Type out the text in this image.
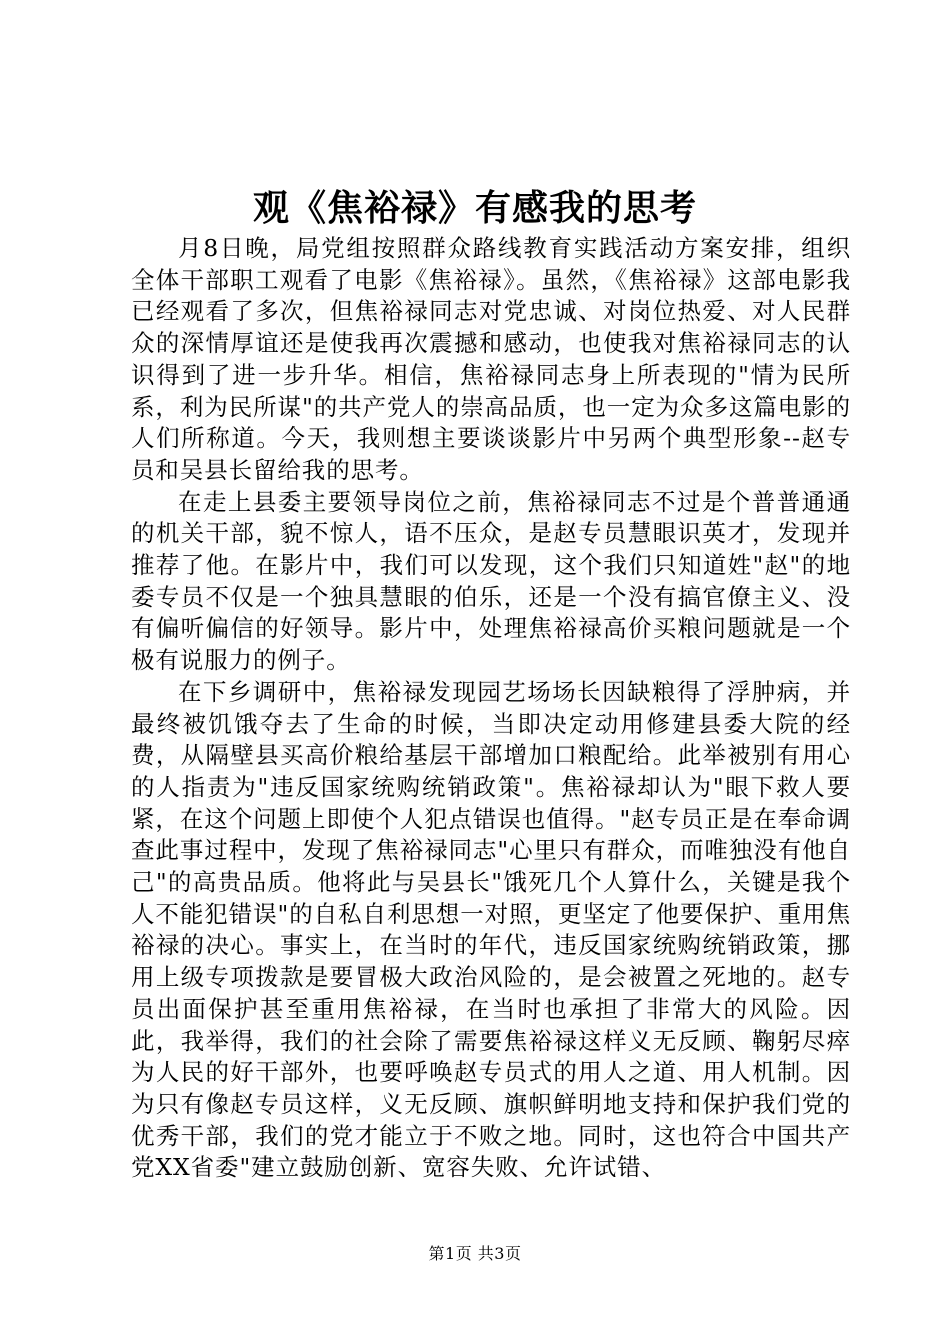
观《焦裕禄》有感我的思考

月8日晚，局党组按照群众路线教育实践活动方案安排，组织全体干部职工观看了电影《焦裕禄》。虽然，《焦裕禄》这部电影我已经观看了多次，但焦裕禄同志对党忠诚、对岗位热爱、对人民群众的深情厚谊还是使我再次震撼和感动，也使我对焦裕禄同志的认识得到了进一步升华。相信，焦裕禄同志身上所表现的"情为民所系，利为民所谋"的共产党人的崇高品质，也一定为众多这篇电影的人们所称道。今天，我则想主要谈谈影片中另两个典型形象--赵专员和吴县长留给我的思考。

在走上县委主要领导岗位之前，焦裕禄同志不过是个普普通通的机关干部，貌不惊人，语不压众，是赵专员慧眼识英才，发现并推荐了他。在影片中，我们可以发现，这个我们只知道姓"赵"的地委专员不仅是一个独具慧眼的伯乐，还是一个没有搞官僚主义、没有偏听偏信的好领导。影片中，处理焦裕禄高价买粮问题就是一个极有说服力的例子。

在下乡调研中，焦裕禄发现园艺场场长因缺粮得了浮肿病，并最终被饥饿夺去了生命的时候，当即决定动用修建县委大院的经费，从隔壁县买高价粮给基层干部增加口粮配给。此举被别有用心的人指责为"违反国家统购统销政策"。焦裕禄却认为"眼下救人要紧，在这个问题上即使个人犯点错误也值得。"赵专员正是在奉命调查此事过程中，发现了焦裕禄同志"心里只有群众，而唯独没有他自己"的高贵品质。他将此与吴县长"饿死几个人算什么，关键是我个人不能犯错误"的自私自利思想一对照，更坚定了他要保护、重用焦裕禄的决心。事实上，在当时的年代，违反国家统购统销政策，挪用上级专项拨款是要冒极大政治风险的，是会被置之死地的。赵专员出面保护甚至重用焦裕禄，在当时也承担了非常大的风险。因此，我举得，我们的社会除了需要焦裕禄这样义无反顾、鞠躬尽瘁为人民的好干部外，也要呼唤赵专员式的用人之道、用人机制。因为只有像赵专员这样，义无反顾、旗帜鲜明地支持和保护我们党的优秀干部，我们的党才能立于不败之地。同时，这也符合中国共产党XX省委"建立鼓励创新、宽容失败、允许试错、

第1页 共3页
